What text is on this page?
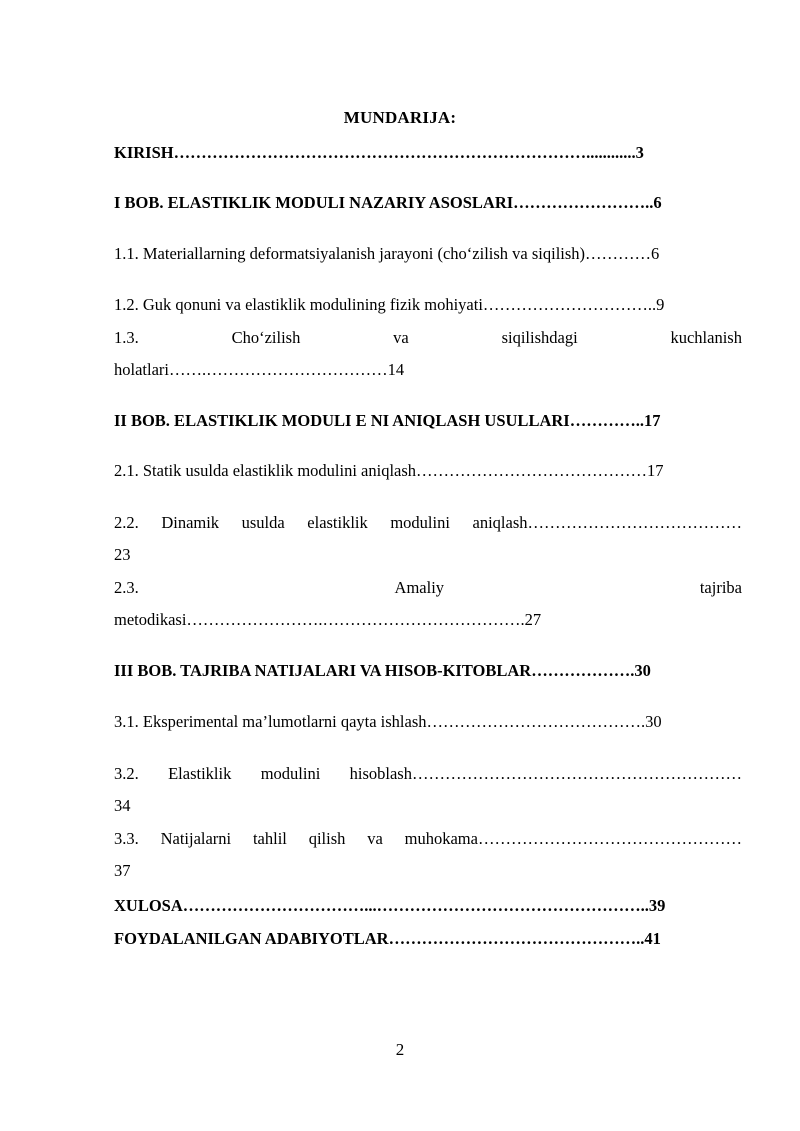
MUNDARIJA:
KIRISH…………………………………………………………………............3
I BOB. ELASTIKLIK MODULI NAZARIY ASOSLARI……………………..6
1.1. Materiallarning deformatsiyalanish jarayoni (cho‘zilish va siqilish)…………6
1.2. Guk qonuni va elastiklik modulining fizik mohiyati…………………………..9
1.3.	Cho‘zilish	va	siqilishdagi	kuchlanish
holatlari…….……………………………14
II BOB. ELASTIKLIK MODULI E NI ANIQLASH USULLARI…………..17
2.1. Statik usulda elastiklik modulini aniqlash……………………………………17
2.2. Dinamik usulda elastiklik modulini aniqlash…………………………………
23
2.3.	Amaliy	tajriba
metodikasi…………………….……………………………….27
III BOB. TAJRIBA NATIJALARI VA HISOB-KITOBLAR……………….30
3.1. Eksperimental ma’lumotlarni qayta ishlash………………………………….30
3.2. Elastiklik modulini hisoblash……………………………………………………
34
3.3. Natijalarni tahlil qilish va muhokama…………………………………………
37
XULOSA……………………………...…………………………………………..39
FOYDALANILGAN ADABIYOTLAR………………………………………..41
2
